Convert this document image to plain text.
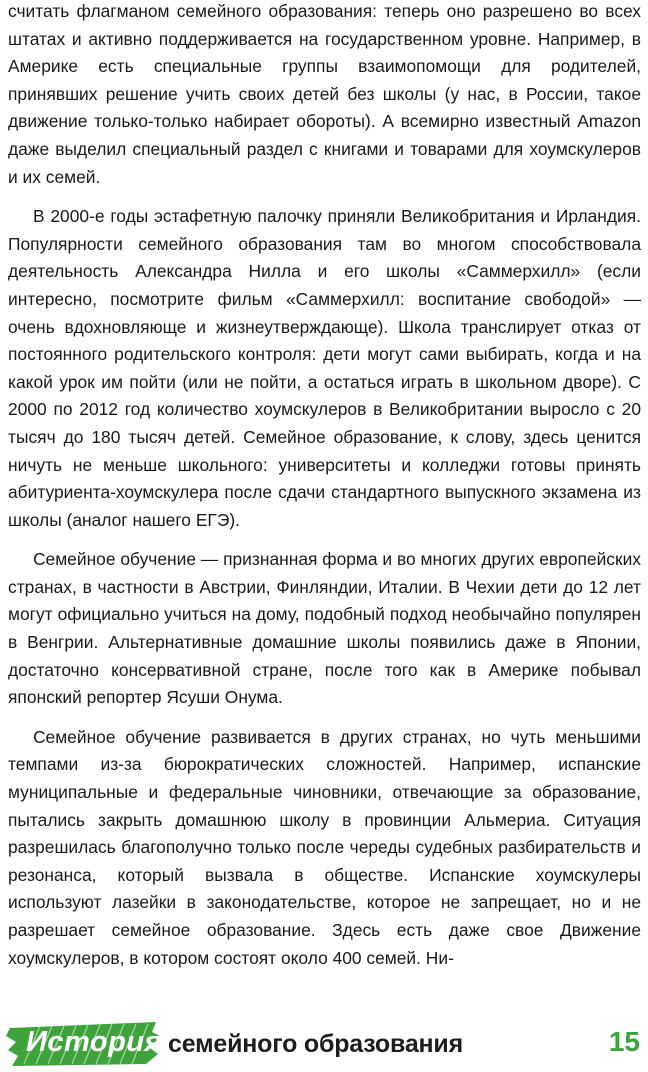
считать флагманом семейного образования: теперь оно разрешено во всех штатах и активно поддерживается на государственном уровне. Например, в Америке есть специальные группы взаимопомощи для родителей, принявших решение учить своих детей без школы (у нас, в России, такое движение только-только набирает обороты). А всемирно известный Amazon даже выделил специальный раздел с книгами и товарами для хоумскулеров и их семей.

В 2000-е годы эстафетную палочку приняли Великобритания и Ирландия. Популярности семейного образования там во многом способствовала деятельность Александра Нилла и его школы «Саммерхилл» (если интересно, посмотрите фильм «Саммерхилл: воспитание свободой» — очень вдохновляюще и жизнеутверждающе). Школа транслирует отказ от постоянного родительского контроля: дети могут сами выбирать, когда и на какой урок им пойти (или не пойти, а остаться играть в школьном дворе). С 2000 по 2012 год количество хоумскулеров в Великобритании выросло с 20 тысяч до 180 тысяч детей. Семейное образование, к слову, здесь ценится ничуть не меньше школьного: университеты и колледжи готовы принять абитуриента-хоумскулера после сдачи стандартного выпускного экзамена из школы (аналог нашего ЕГЭ).

Семейное обучение — признанная форма и во многих других европейских странах, в частности в Австрии, Финляндии, Италии. В Чехии дети до 12 лет могут официально учиться на дому, подобный подход необычайно популярен в Венгрии. Альтернативные домашние школы появились даже в Японии, достаточно консервативной стране, после того как в Америке побывал японский репортер Ясуши Онума.

Семейное обучение развивается в других странах, но чуть меньшими темпами из-за бюрократических сложностей. Например, испанские муниципальные и федеральные чиновники, отвечающие за образование, пытались закрыть домашнюю школу в провинции Альмериа. Ситуация разрешилась благополучно только после череды судебных разбирательств и резонанса, который вызвала в обществе. Испанские хоумскулеры используют лазейки в законодательстве, которое не запрещает, но и не разрешает семейное образование. Здесь есть даже свое Движение хоумскулеров, в котором состоят около 400 семей. Ни-

История семейного образования	15
